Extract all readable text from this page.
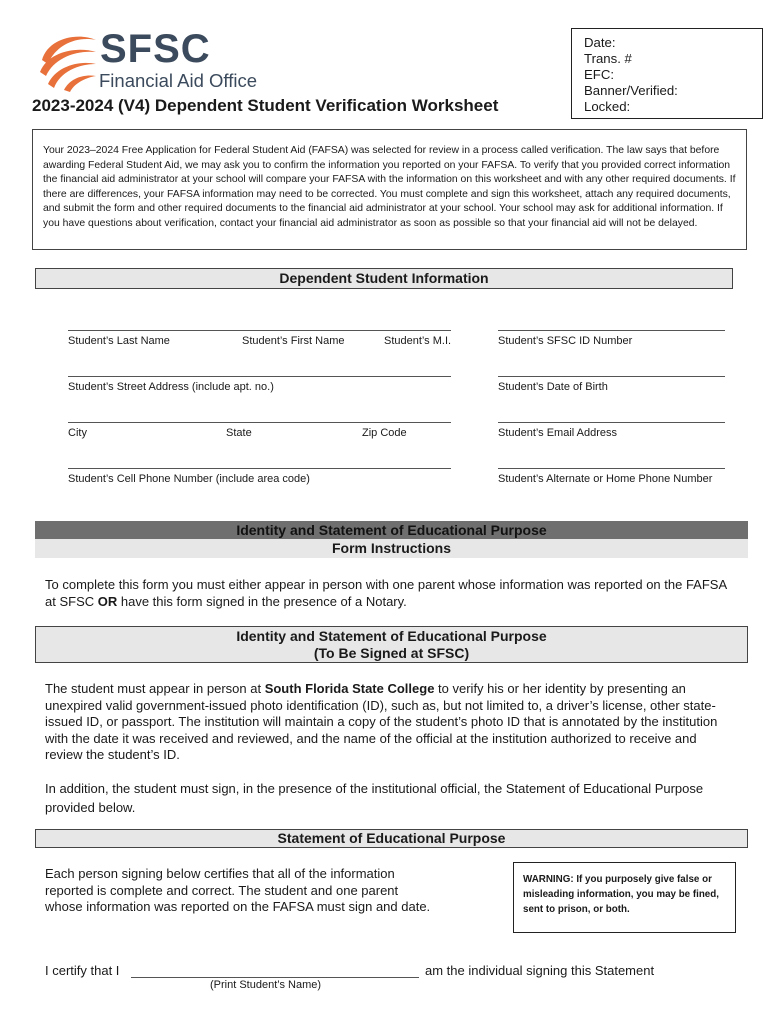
SFSC
Financial Aid Office
2023-2024 (V4) Dependent Student Verification Worksheet
Date:
Trans. #
EFC:
Banner/Verified:
Locked:

Your 2023–2024 Free Application for Federal Student Aid (FAFSA) was selected for review in a process called verification. The law says that before awarding Federal Student Aid, we may ask you to confirm the information you reported on your FAFSA. To verify that you provided correct information the financial aid administrator at your school will compare your FAFSA with the information on this worksheet and with any other required documents. If there are differences, your FAFSA information may need to be corrected. You must complete and sign this worksheet, attach any required documents, and submit the form and other required documents to the financial aid administrator at your school. Your school may ask for additional information. If you have questions about verification, contact your financial aid administrator as soon as possible so that your financial aid will not be delayed.

Dependent Student Information
Student’s Last Name	Student’s First Name	Student’s M.I.	Student’s SFSC ID Number
Student’s Street Address (include apt. no.)	Student’s Date of Birth
City	State	Zip Code	Student’s Email Address
Student’s Cell Phone Number (include area code)	Student’s Alternate or Home Phone Number
Identity and Statement of Educational Purpose
Form Instructions
To complete this form you must either appear in person with one parent whose information was reported on the FAFSA at SFSC OR have this form signed in the presence of a Notary.
Identity and Statement of Educational Purpose
(To Be Signed at SFSC)
The student must appear in person at South Florida State College to verify his or her identity by presenting an unexpired valid government-issued photo identification (ID), such as, but not limited to, a driver’s license, other state-issued ID, or passport. The institution will maintain a copy of the student’s photo ID that is annotated by the institution with the date it was received and reviewed, and the name of the official at the institution authorized to receive and review the student’s ID.
In addition, the student must sign, in the presence of the institutional official, the Statement of Educational Purpose provided below.
Statement of Educational Purpose
Each person signing below certifies that all of the information reported is complete and correct. The student and one parent whose information was reported on the FAFSA must sign and date.
WARNING: If you purposely give false or misleading information, you may be fined, sent to prison, or both.
I certify that I	am the individual signing this Statement
(Print Student’s Name)
